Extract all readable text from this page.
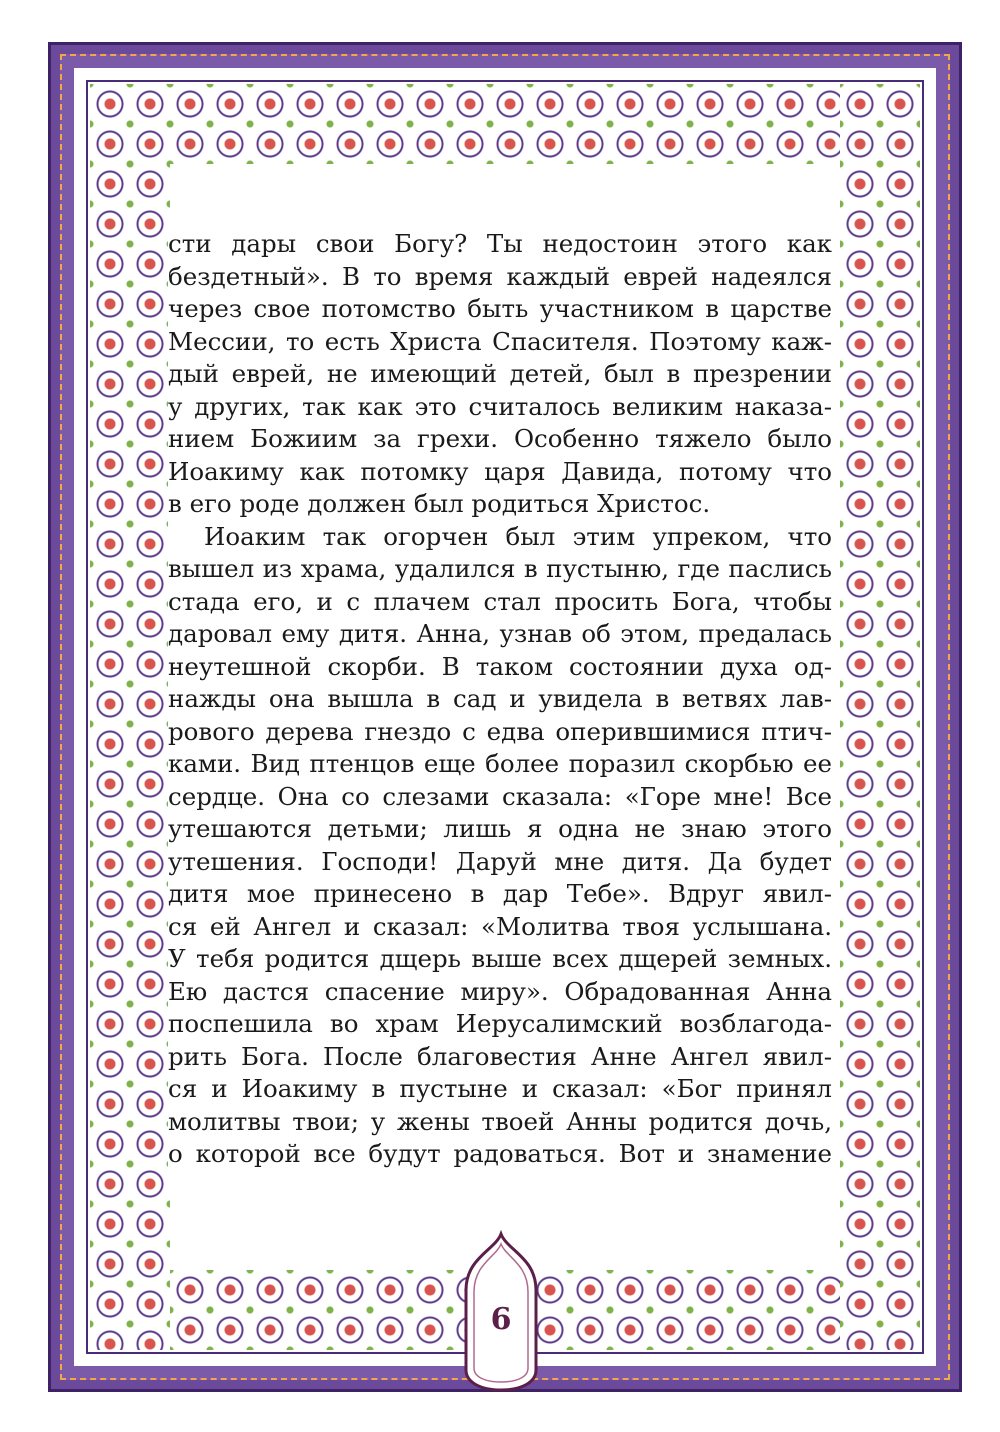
сти дары свои Богу? Ты недостоин этого как
бездетный». В то время каждый еврей надеялся
через свое потомство быть участником в царстве
Мессии, то есть Христа Спасителя. Поэтому каж-
дый еврей, не имеющий детей, был в презрении
у других, так как это считалось великим наказа-
нием Божиим за грехи. Особенно тяжело было
Иоакиму как потомку царя Давида, потому что
в его роде должен был родиться Христос.
Иоаким так огорчен был этим упреком, что
вышел из храма, удалился в пустыню, где паслись
стада его, и с плачем стал просить Бога, чтобы
даровал ему дитя. Анна, узнав об этом, предалась
неутешной скорби. В таком состоянии духа од-
нажды она вышла в сад и увидела в ветвях лав-
рового дерева гнездо с едва оперившимися птич-
ками. Вид птенцов еще более поразил скорбью ее
сердце. Она со слезами сказала: «Горе мне! Все
утешаются детьми; лишь я одна не знаю этого
утешения. Господи! Даруй мне дитя. Да будет
дитя мое принесено в дар Тебе». Вдруг явил-
ся ей Ангел и сказал: «Молитва твоя услышана.
У тебя родится дщерь выше всех дщерей земных.
Ею дастся спасение миру». Обрадованная Анна
поспешила во храм Иерусалимский возблагода-
рить Бога. После благовестия Анне Ангел явил-
ся и Иоакиму в пустыне и сказал: «Бог принял
молитвы твои; у жены твоей Анны родится дочь,
о которой все будут радоваться. Вот и знамение
6
